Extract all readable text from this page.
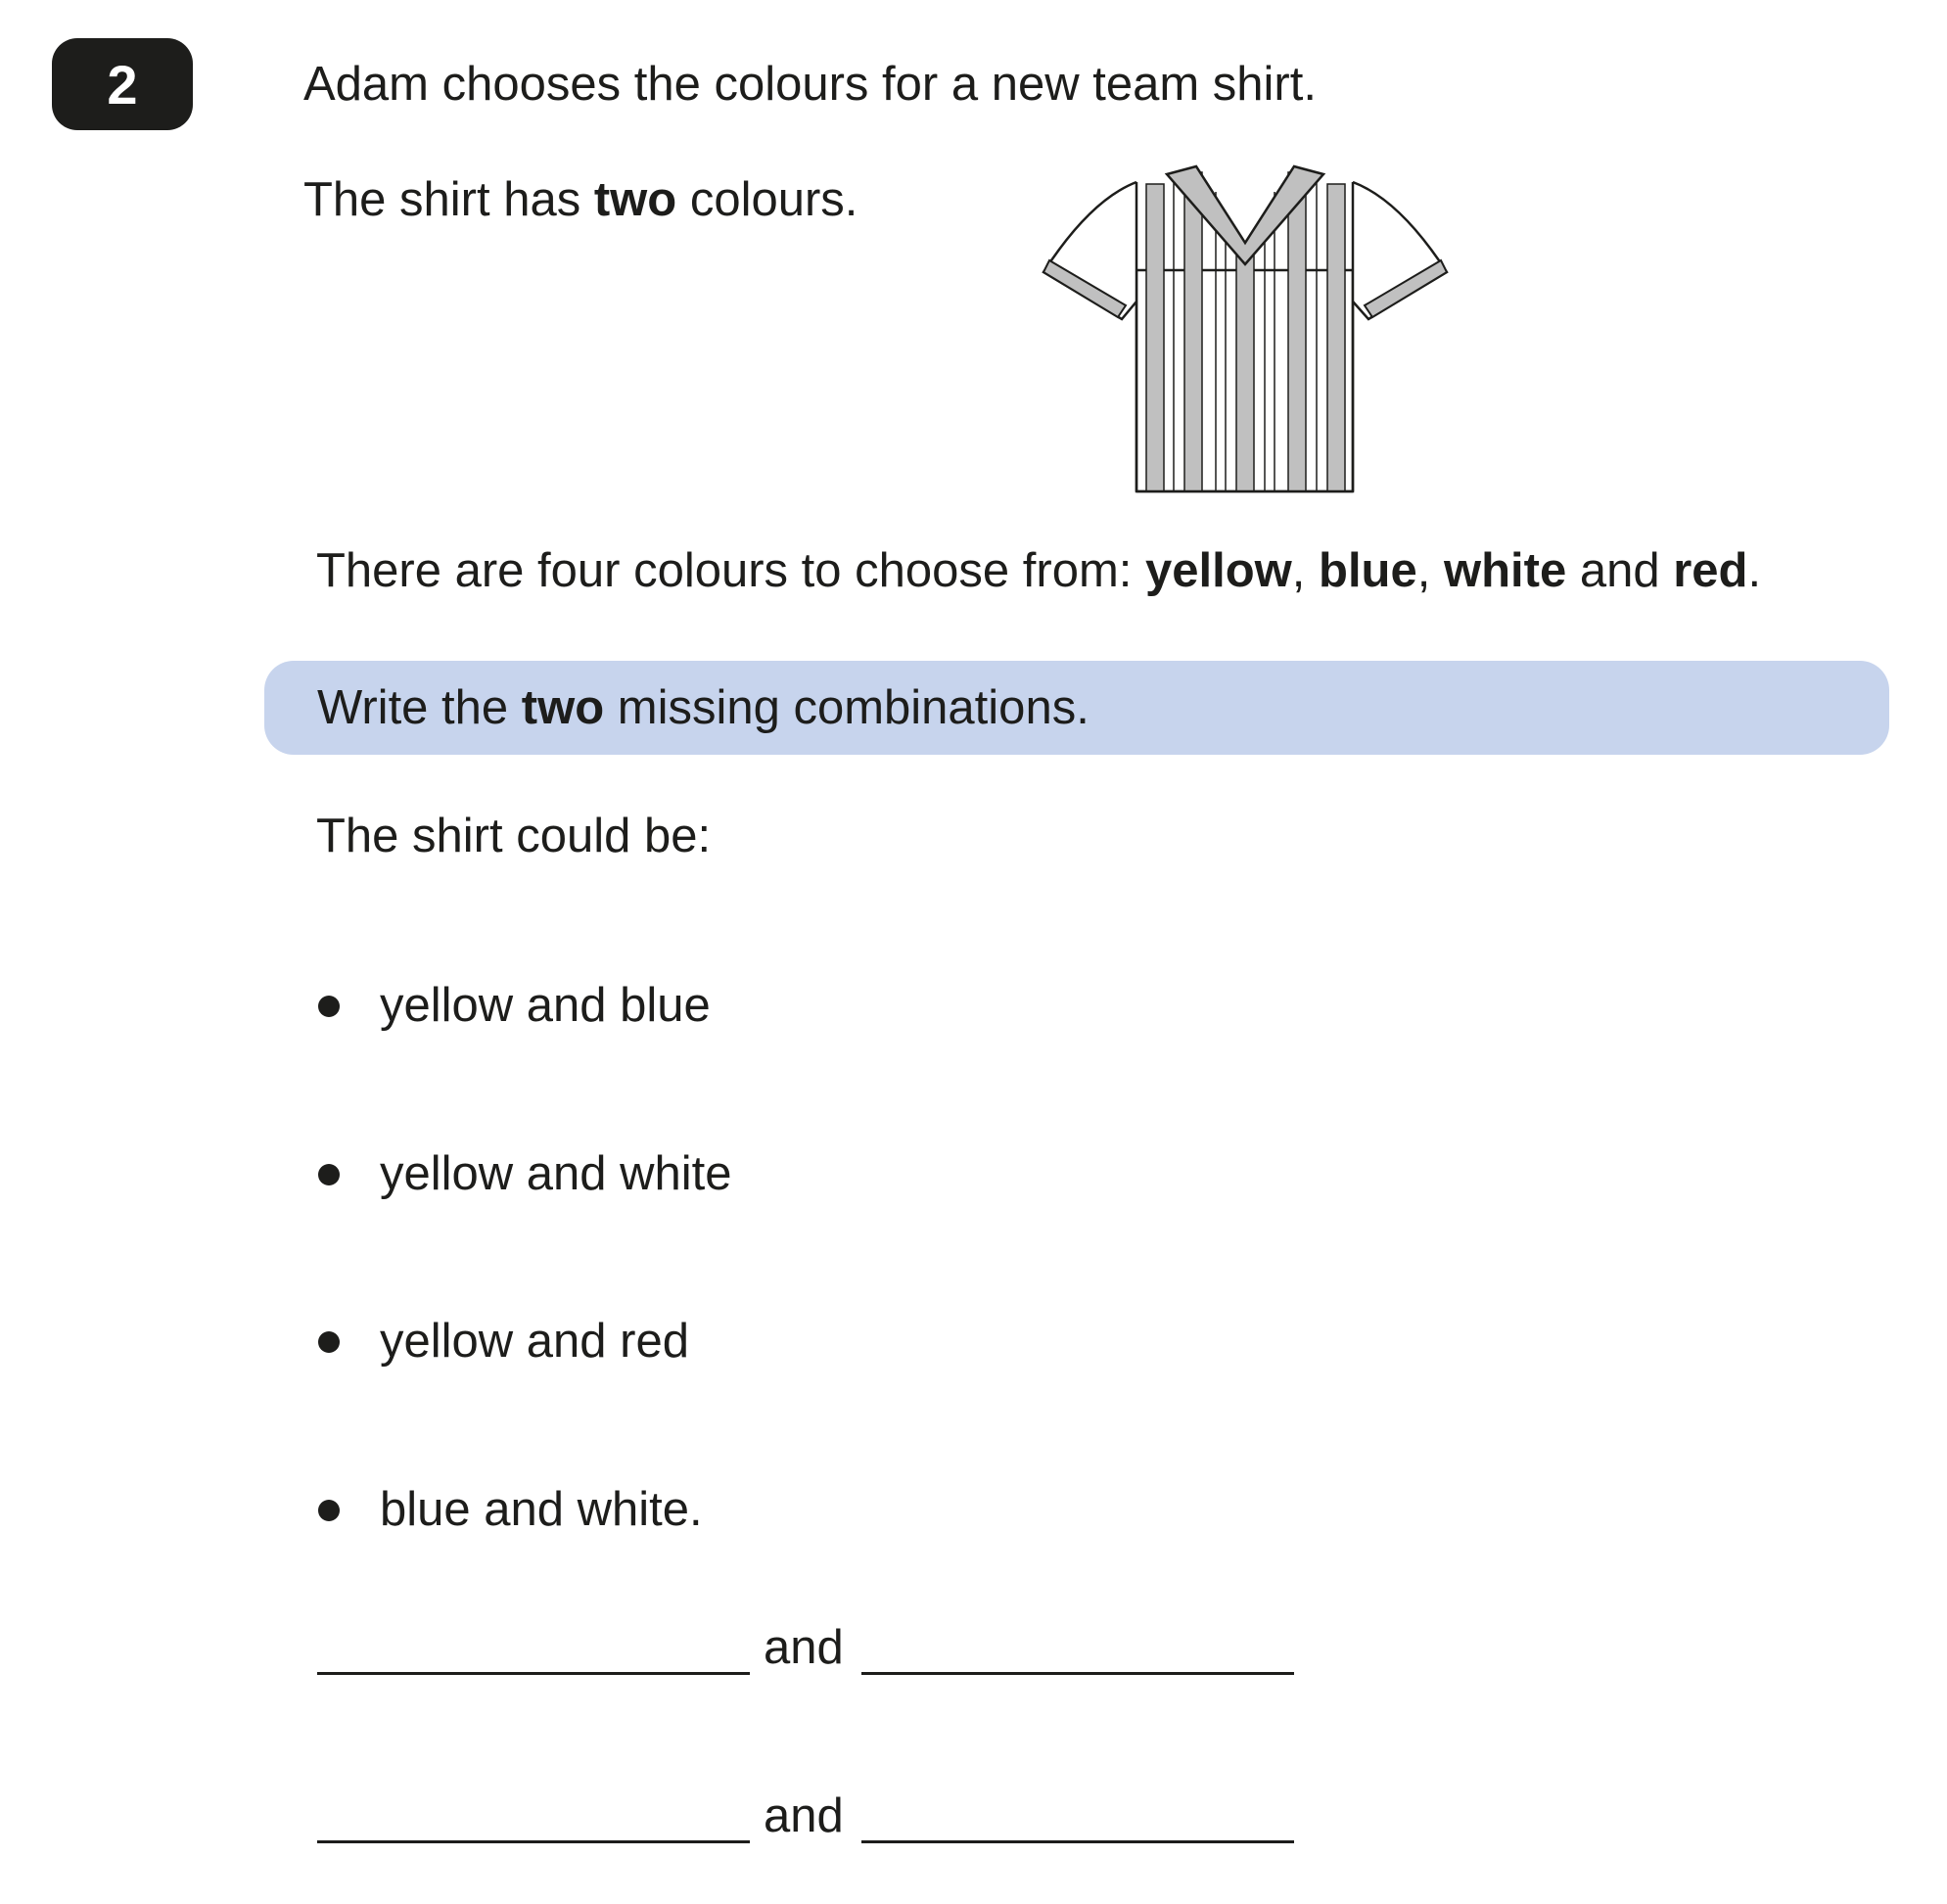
2	Adam chooses the colours for a new team shirt.
The shirt has two colours.
There are four colours to choose from: yellow, blue, white and red.
Write the two missing combinations.
The shirt could be:
yellow and blue
yellow and white
yellow and red
blue and white.
and
and
